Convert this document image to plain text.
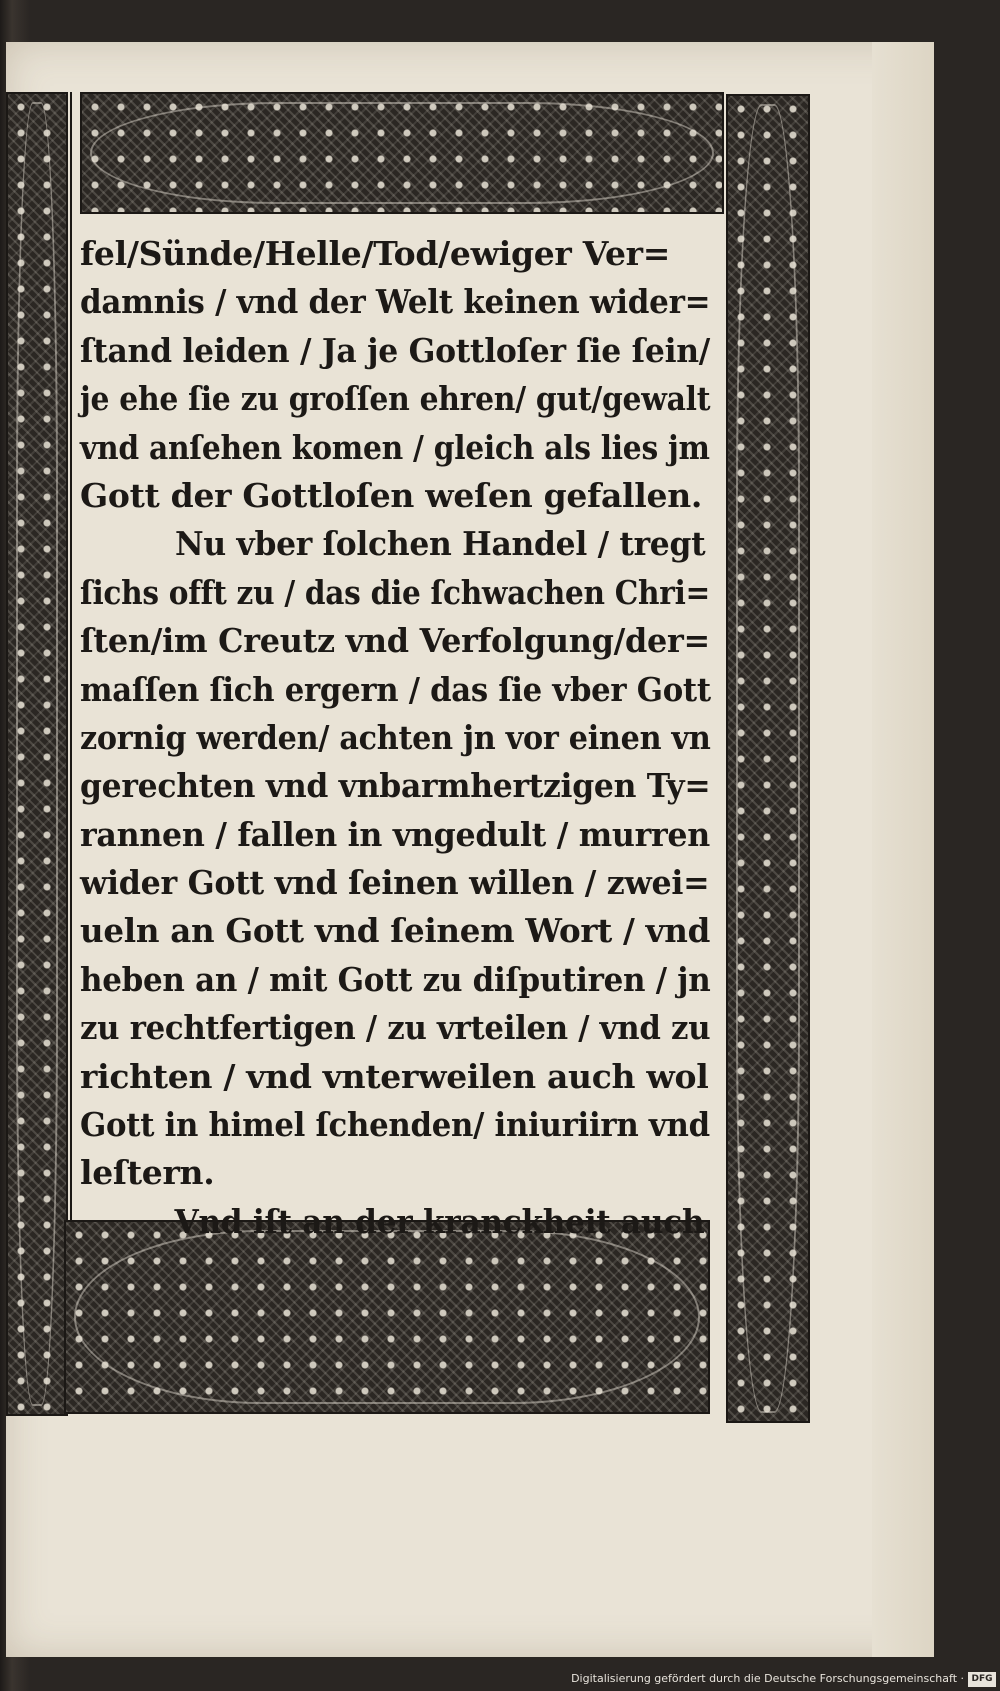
fel/Sünde/Helle/Tod/ewiger Ver=
damnis / vnd der Welt keinen wider=
ſtand leiden / Ja je Gottloſer ſie ſein/
je ehe ſie zu groſſen ehren/ gut/gewalt
vnd anſehen komen / gleich als lies jm
Gott der Gottloſen weſen gefallen.
Nu vber ſolchen Handel / tregt
ſichs offt zu / das die ſchwachen Chri=
ſten/im Creutz vnd Verfolgung/der=
maſſen ſich ergern / das ſie vber Gott
zornig werden/ achten jn vor einen vn
gerechten vnd vnbarmhertzigen Ty=
rannen / fallen in vngedult / murren
wider Gott vnd ſeinen willen / zwei=
ueln an Gott vnd ſeinem Wort / vnd
heben an / mit Gott zu diſputiren / jn
zu rechtfertigen / zu vrteilen / vnd zu
richten / vnd vnterweilen auch wol
Gott in himel ſchenden/ iniuriirn vnd
leſtern.
Vnd iſt an der kranckheit auch
Digitalisierung gefördert durch die Deutsche Forschungsgemeinschaft · DFG
